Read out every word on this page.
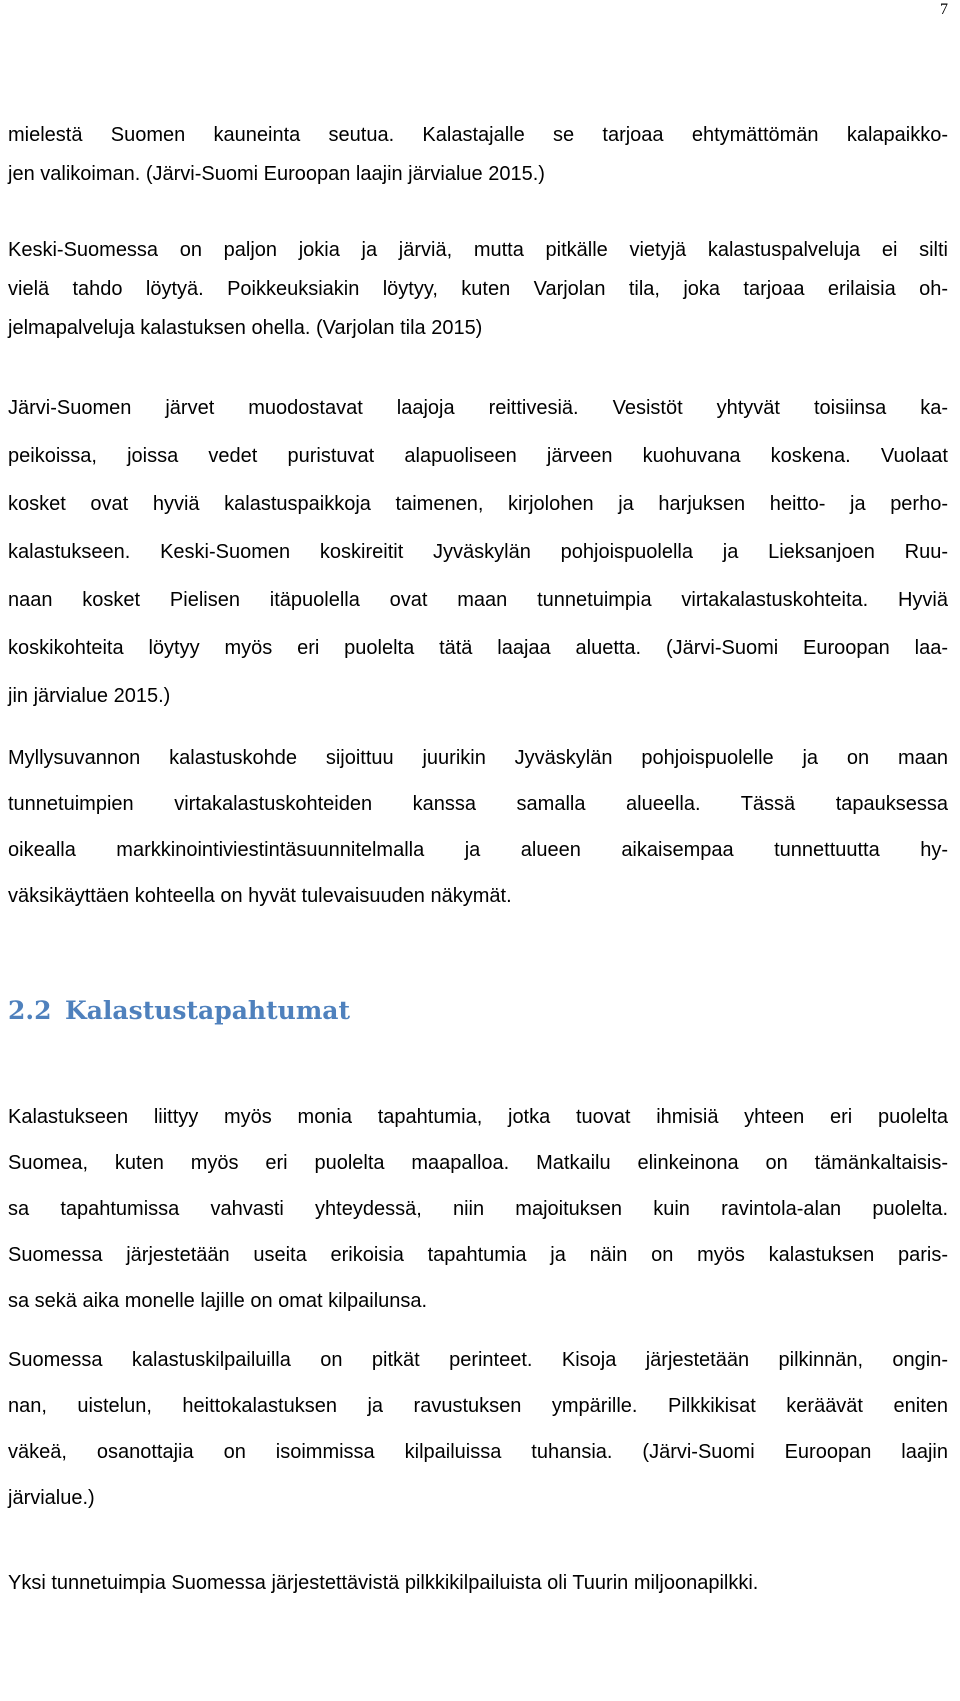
7

mielestä Suomen kauneinta seutua. Kalastajalle se tarjoaa ehtymättömän kalapaikko-
jen valikoiman. (Järvi-Suomi Euroopan laajin järvialue 2015.)

Keski-Suomessa on paljon jokia ja järviä, mutta pitkälle vietyjä kalastuspalveluja ei silti
vielä tahdo löytyä. Poikkeuksiakin löytyy, kuten Varjolan tila, joka tarjoaa erilaisia oh-
jelmapalveluja kalastuksen ohella. (Varjolan tila 2015)

Järvi-Suomen järvet muodostavat laajoja reittivesiä. Vesistöt yhtyvät toisiinsa ka-
peikoissa, joissa vedet puristuvat alapuoliseen järveen kuohuvana koskena. Vuolaat
kosket ovat hyviä kalastuspaikkoja taimenen, kirjolohen ja harjuksen heitto- ja perho-
kalastukseen. Keski-Suomen koskireitit Jyväskylän pohjoispuolella ja Lieksanjoen Ruu-
naan kosket Pielisen itäpuolella ovat maan tunnetuimpia virtakalastuskohteita. Hyviä
koskikohteita löytyy myös eri puolelta tätä laajaa aluetta. (Järvi-Suomi Euroopan laa-
jin järvialue 2015.)

Myllysuvannon kalastuskohde sijoittuu juurikin Jyväskylän pohjoispuolelle ja on maan
tunnetuimpien virtakalastuskohteiden kanssa samalla alueella. Tässä tapauksessa
oikealla markkinointiviestintäsuunnitelmalla ja alueen aikaisempaa tunnettuutta hy-
väksikäyttäen kohteella on hyvät tulevaisuuden näkymät.

2.2 Kalastustapahtumat

Kalastukseen liittyy myös monia tapahtumia, jotka tuovat ihmisiä yhteen eri puolelta
Suomea, kuten myös eri puolelta maapalloa. Matkailu elinkeinona on tämänkaltaisis-
sa tapahtumissa vahvasti yhteydessä, niin majoituksen kuin ravintola-alan puolelta.
Suomessa järjestetään useita erikoisia tapahtumia ja näin on myös kalastuksen paris-
sa sekä aika monelle lajille on omat kilpailunsa.

Suomessa kalastuskilpailuilla on pitkät perinteet. Kisoja järjestetään pilkinnän, ongin-
nan, uistelun, heittokalastuksen ja ravustuksen ympärille. Pilkkikisat keräävät eniten
väkeä, osanottajia on isoimmissa kilpailuissa tuhansia. (Järvi-Suomi Euroopan laajin
järvialue.)

Yksi tunnetuimpia Suomessa järjestettävistä pilkkikilpailuista oli Tuurin miljoonapilkki.
